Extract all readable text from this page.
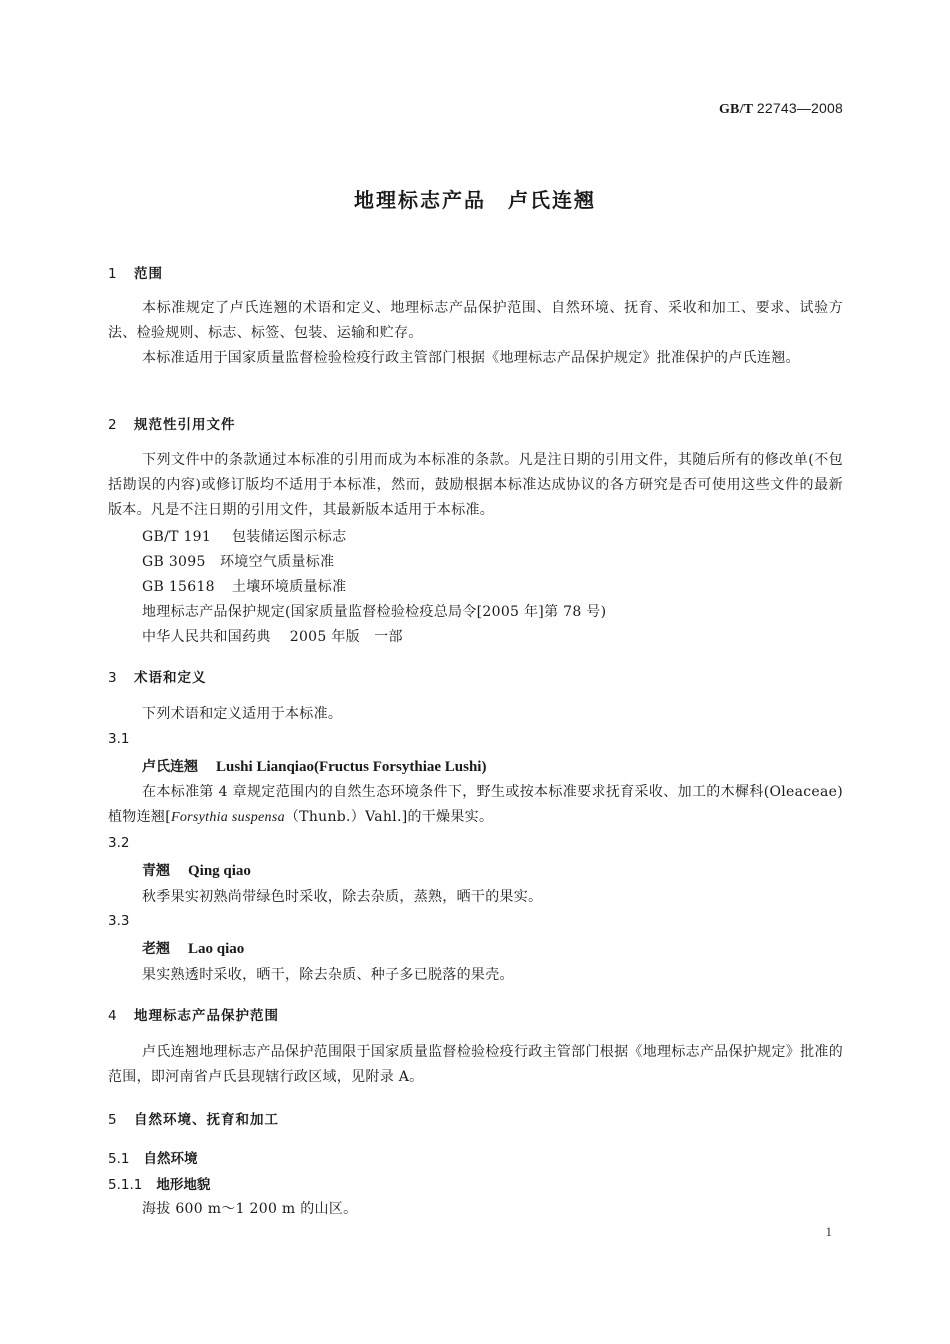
GB/T 22743—2008
地理标志产品　卢氏连翘
1 范围
本标准规定了卢氏连翘的术语和定义、地理标志产品保护范围、自然环境、抚育、采收和加工、要求、试验方法、检验规则、标志、标签、包装、运输和贮存。
本标准适用于国家质量监督检验检疫行政主管部门根据《地理标志产品保护规定》批准保护的卢氏连翘。
2 规范性引用文件
下列文件中的条款通过本标准的引用而成为本标准的条款。凡是注日期的引用文件，其随后所有的修改单(不包括勘误的内容)或修订版均不适用于本标准，然而，鼓励根据本标准达成协议的各方研究是否可使用这些文件的最新版本。凡是不注日期的引用文件，其最新版本适用于本标准。
GB/T 191 包装储运图示标志
GB 3095 环境空气质量标准
GB 15618 土壤环境质量标准
地理标志产品保护规定(国家质量监督检验检疫总局令[2005 年]第 78 号)
中华人民共和国药典　 2005 年版　一部
3 术语和定义
下列术语和定义适用于本标准。
3.1
卢氏连翘 Lushi Lianqiao(Fructus Forsythiae Lushi)
在本标准第 4 章规定范围内的自然生态环境条件下，野生或按本标准要求抚育采收、加工的木樨科(Oleaceae)植物连翘[Forsythia suspensa（Thunb.）Vahl.]的干燥果实。
3.2
青翘 Qing qiao
秋季果实初熟尚带绿色时采收，除去杂质，蒸熟，晒干的果实。
3.3
老翘 Lao qiao
果实熟透时采收，晒干，除去杂质、种子多已脱落的果壳。
4 地理标志产品保护范围
卢氏连翘地理标志产品保护范围限于国家质量监督检验检疫行政主管部门根据《地理标志产品保护规定》批准的范围，即河南省卢氏县现辖行政区域，见附录 A。
5 自然环境、抚育和加工
5.1 自然环境
5.1.1 地形地貌
海拔 600 m～1 200 m 的山区。
1
